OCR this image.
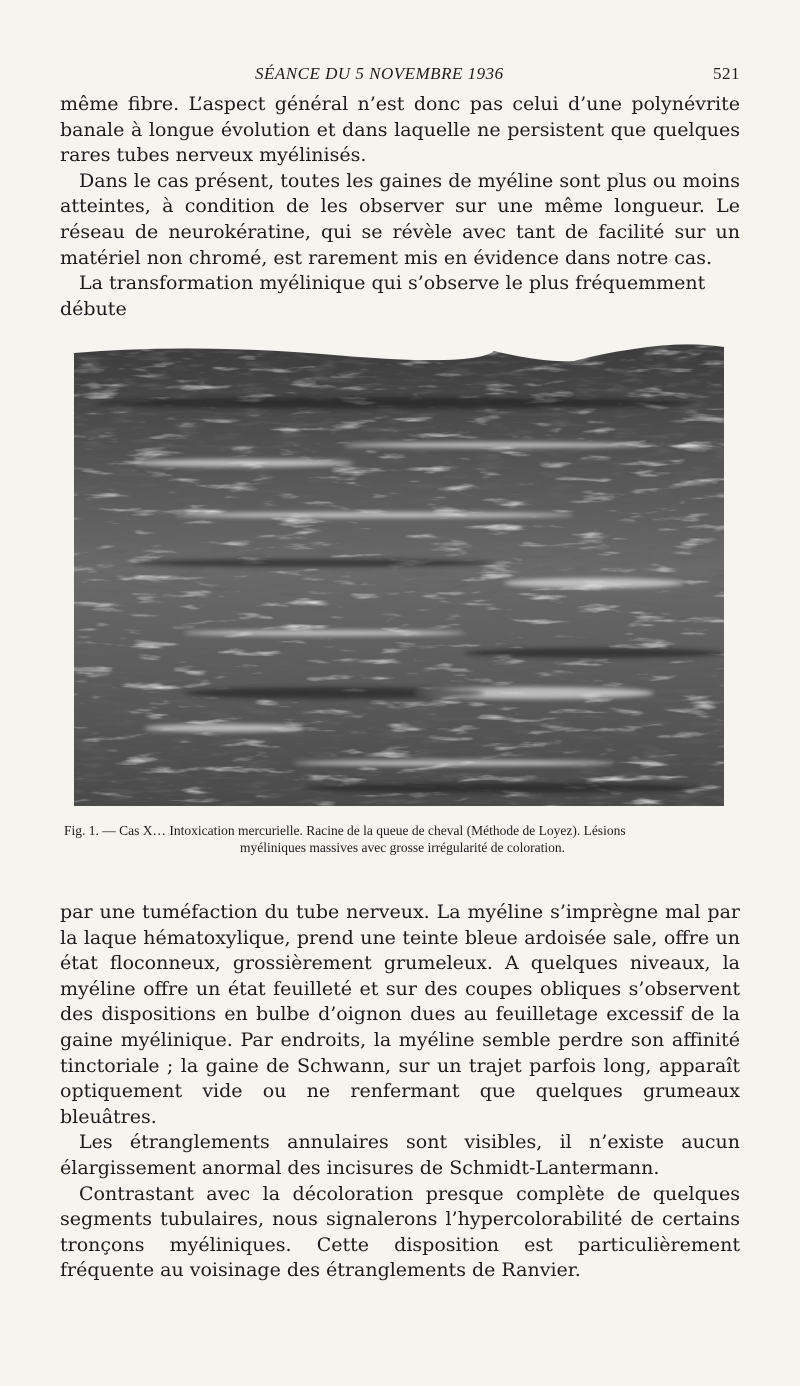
SÉANCE DU 5 NOVEMBRE 1936	521

même fibre. L’aspect général n’est donc pas celui d’une polynévrite banale à longue évolution et dans laquelle ne persistent que quelques rares tubes nerveux myélinisés.

Dans le cas présent, toutes les gaines de myéline sont plus ou moins atteintes, à condition de les observer sur une même longueur. Le réseau de neurokératine, qui se révèle avec tant de facilité sur un matériel non chromé, est rarement mis en évidence dans notre cas.

La transformation myélinique qui s’observe le plus fréquemment débute

Fig. 1. — Cas X… Intoxication mercurielle. Racine de la queue de cheval (Méthode de Loyez). Lésions
myéliniques massives avec grosse irrégularité de coloration.

par une tuméfaction du tube nerveux. La myéline s’imprègne mal par la laque hématoxylique, prend une teinte bleue ardoisée sale, offre un état floconneux, grossièrement grumeleux. A quelques niveaux, la myéline offre un état feuilleté et sur des coupes obliques s’observent des dispositions en bulbe d’oignon dues au feuilletage excessif de la gaine myélinique. Par endroits, la myéline semble perdre son affinité tinctoriale ; la gaine de Schwann, sur un trajet parfois long, apparaît optiquement vide ou ne renfermant que quelques grumeaux bleuâtres.

Les étranglements annulaires sont visibles, il n’existe aucun élargissement anormal des incisures de Schmidt-Lantermann.

Contrastant avec la décoloration presque complète de quelques segments tubulaires, nous signalerons l’hypercolorabilité de certains tronçons myéliniques. Cette disposition est particulièrement fréquente au voisinage des étranglements de Ranvier.
